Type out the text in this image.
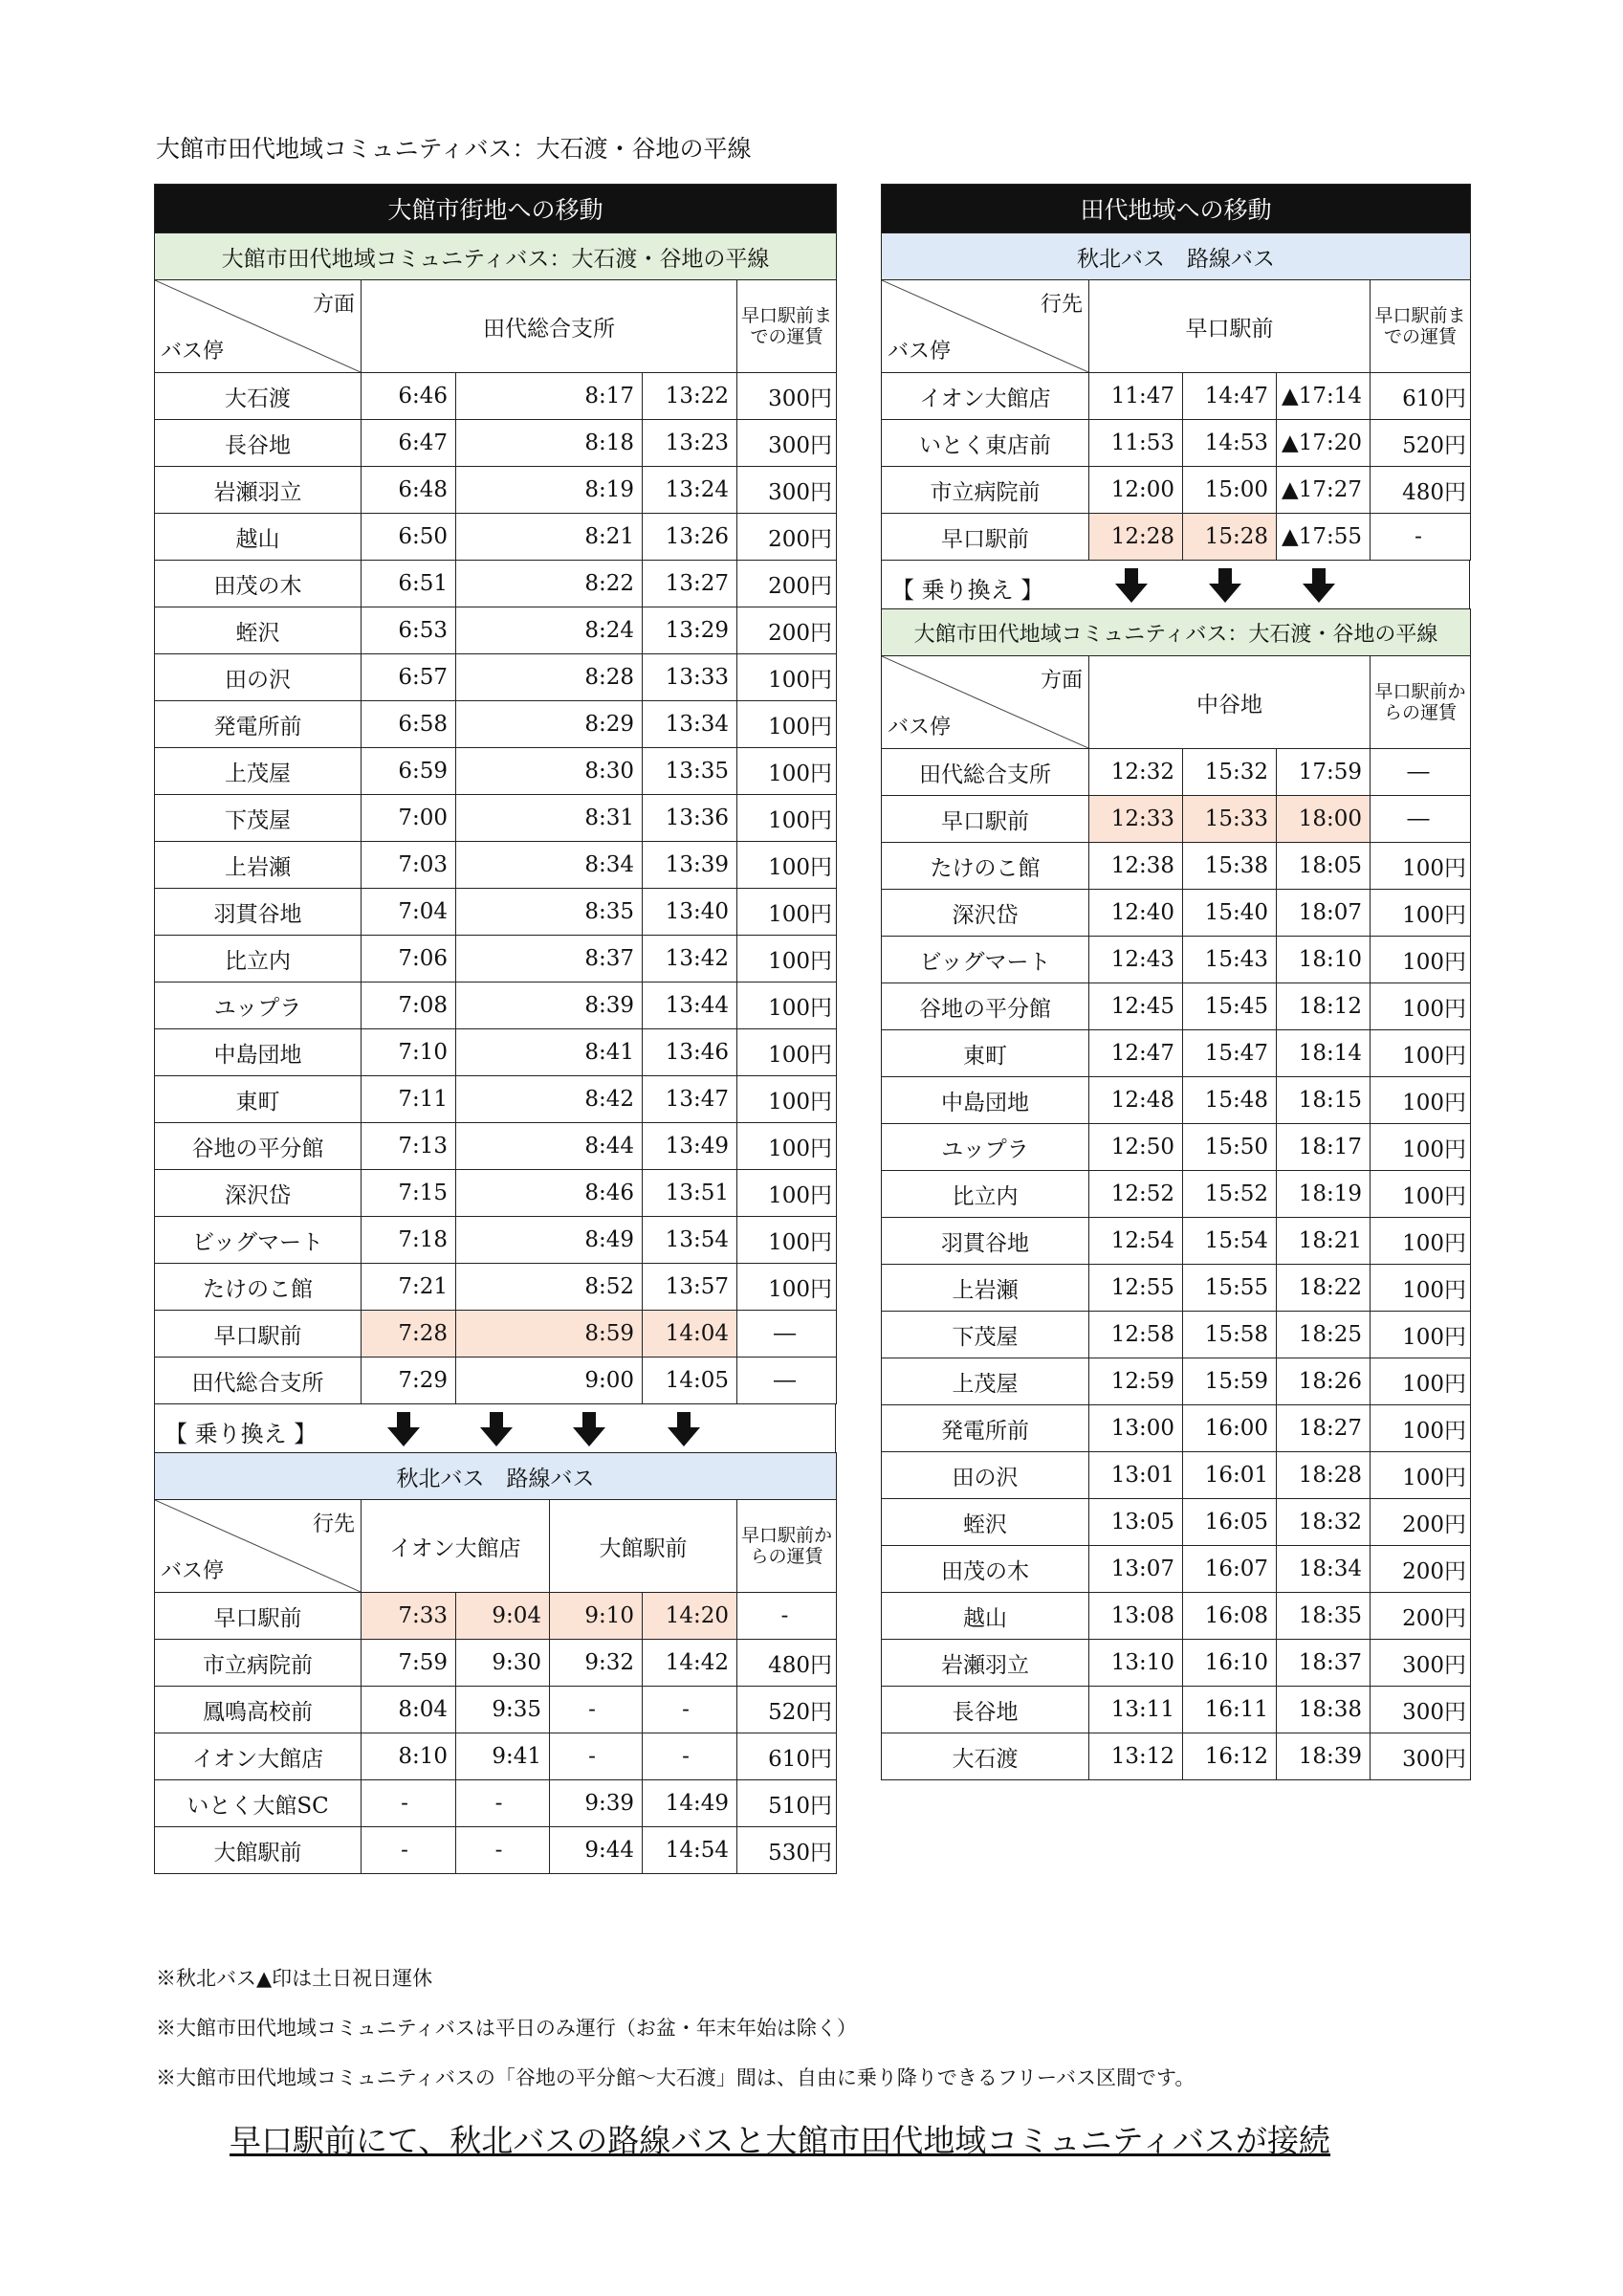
大館市田代地域コミュニティバス：大石渡・谷地の平線
大館市街地への移動				
大館市田代地域コミュニティバス：大石渡・谷地の平線				

方面
バス停	田代総合支所			早口駅前までの運賃
大石渡	6:46	8:17	13:22	300円
長谷地	6:47	8:18	13:23	300円
岩瀬羽立	6:48	8:19	13:24	300円
越山	6:50	8:21	13:26	200円
田茂の木	6:51	8:22	13:27	200円
蛭沢	6:53	8:24	13:29	200円
田の沢	6:57	8:28	13:33	100円
発電所前	6:58	8:29	13:34	100円
上茂屋	6:59	8:30	13:35	100円
下茂屋	7:00	8:31	13:36	100円
上岩瀬	7:03	8:34	13:39	100円
羽貫谷地	7:04	8:35	13:40	100円
比立内	7:06	8:37	13:42	100円
ユップラ	7:08	8:39	13:44	100円
中島団地	7:10	8:41	13:46	100円
東町	7:11	8:42	13:47	100円
谷地の平分館	7:13	8:44	13:49	100円
深沢岱	7:15	8:46	13:51	100円
ビッグマート	7:18	8:49	13:54	100円
たけのこ館	7:21	8:52	13:57	100円
早口駅前	7:28	8:59	14:04	―
田代総合支所	7:29	9:00	14:05	―
【 乗り換え 】
秋北バス　路線バス					

行先
バス停	イオン大館店		大館駅前		早口駅前からの運賃
早口駅前	7:33	9:04	9:10	14:20	-
市立病院前	7:59	9:30	9:32	14:42	480円
鳳鳴高校前	8:04	9:35	-	-	520円
イオン大館店	8:10	9:41	-	-	610円
いとく大館SC	-	-	9:39	14:49	510円
大館駅前	-	-	9:44	14:54	530円
田代地域への移動				
秋北バス　路線バス				

行先
バス停	早口駅前			早口駅前までの運賃
イオン大館店	11:47	14:47	▲17:14	610円
いとく東店前	11:53	14:53	▲17:20	520円
市立病院前	12:00	15:00	▲17:27	480円
早口駅前	12:28	15:28	▲17:55	-
【 乗り換え 】
大館市田代地域コミュニティバス：大石渡・谷地の平線				

方面
バス停	中谷地			早口駅前からの運賃
田代総合支所	12:32	15:32	17:59	―
早口駅前	12:33	15:33	18:00	―
たけのこ館	12:38	15:38	18:05	100円
深沢岱	12:40	15:40	18:07	100円
ビッグマート	12:43	15:43	18:10	100円
谷地の平分館	12:45	15:45	18:12	100円
東町	12:47	15:47	18:14	100円
中島団地	12:48	15:48	18:15	100円
ユップラ	12:50	15:50	18:17	100円
比立内	12:52	15:52	18:19	100円
羽貫谷地	12:54	15:54	18:21	100円
上岩瀬	12:55	15:55	18:22	100円
下茂屋	12:58	15:58	18:25	100円
上茂屋	12:59	15:59	18:26	100円
発電所前	13:00	16:00	18:27	100円
田の沢	13:01	16:01	18:28	100円
蛭沢	13:05	16:05	18:32	200円
田茂の木	13:07	16:07	18:34	200円
越山	13:08	16:08	18:35	200円
岩瀬羽立	13:10	16:10	18:37	300円
長谷地	13:11	16:11	18:38	300円
大石渡	13:12	16:12	18:39	300円
※秋北バス▲印は土日祝日運休
※大館市田代地域コミュニティバスは平日のみ運行（お盆・年末年始は除く）
※大館市田代地域コミュニティバスの「谷地の平分館～大石渡」間は、自由に乗り降りできるフリーバス区間です。
早口駅前にて、秋北バスの路線バスと大館市田代地域コミュニティバスが接続
